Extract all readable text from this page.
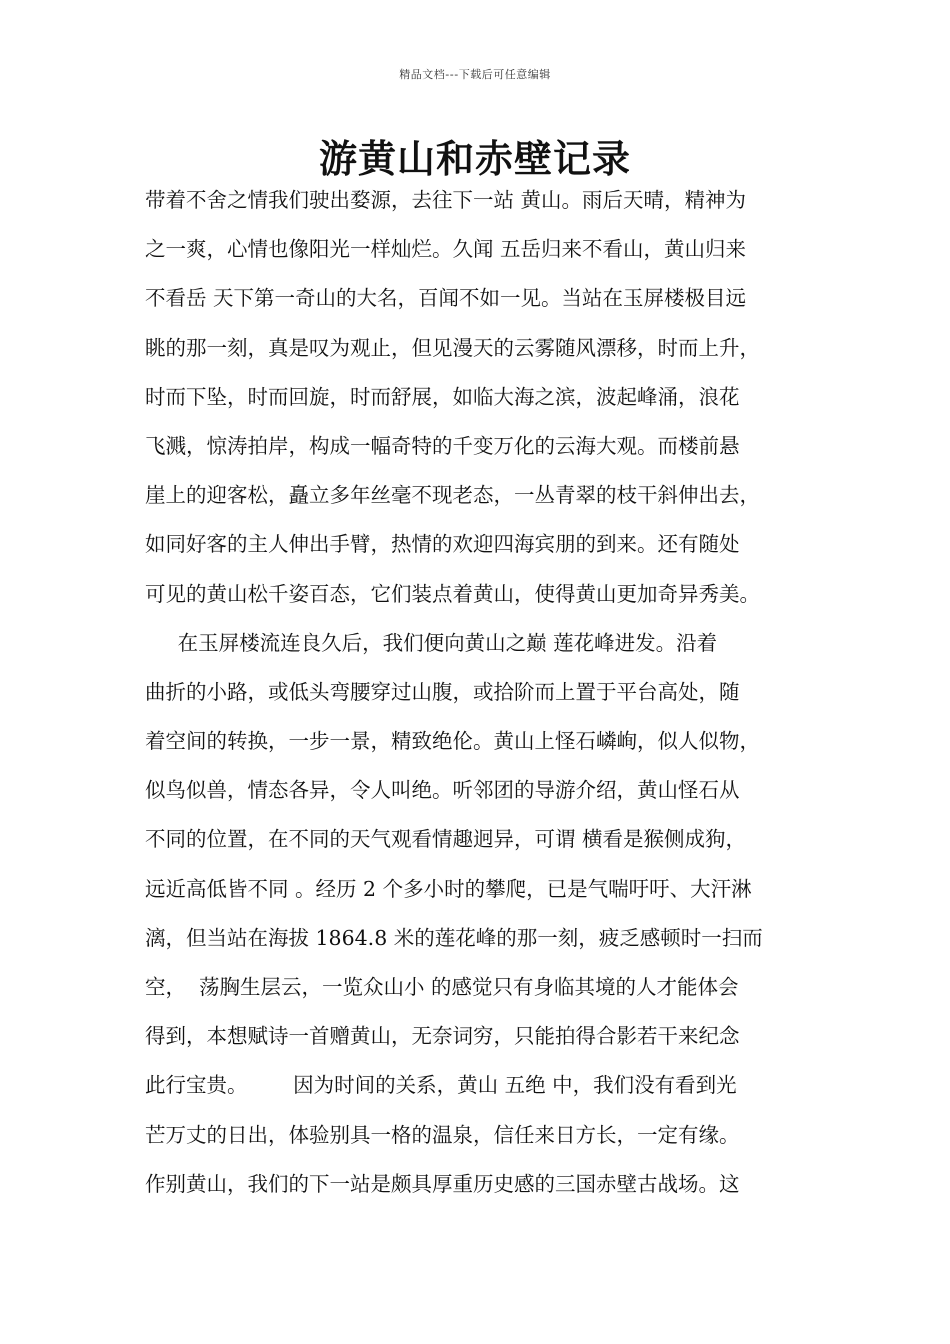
精品文档---下载后可任意编辑
游黄山和赤壁记录
带着不舍之情我们驶出婺源，去往下一站 黄山。雨后天晴，精神为
之一爽，心情也像阳光一样灿烂。久闻 五岳归来不看山，黄山归来
不看岳 天下第一奇山的大名，百闻不如一见。当站在玉屏楼极目远
眺的那一刻，真是叹为观止，但见漫天的云雾随风漂移，时而上升，
时而下坠，时而回旋，时而舒展，如临大海之滨，波起峰涌，浪花
飞溅，惊涛拍岸，构成一幅奇特的千变万化的云海大观。而楼前悬
崖上的迎客松，矗立多年丝毫不现老态，一丛青翠的枝干斜伸出去，
如同好客的主人伸出手臂，热情的欢迎四海宾朋的到来。还有随处
可见的黄山松千姿百态，它们装点着黄山，使得黄山更加奇异秀美。
在玉屏楼流连良久后，我们便向黄山之巅 莲花峰进发。沿着
曲折的小路，或低头弯腰穿过山腹，或拾阶而上置于平台高处，随
着空间的转换，一步一景，精致绝伦。黄山上怪石嶙峋，似人似物，
似鸟似兽，情态各异，令人叫绝。听邻团的导游介绍，黄山怪石从
不同的位置，在不同的天气观看情趣迥异，可谓 横看是猴侧成狗，
远近高低皆不同 。经历 2 个多小时的攀爬，已是气喘吁吁、大汗淋
漓，但当站在海拔 1864.8 米的莲花峰的那一刻，疲乏感顿时一扫而
空，  荡胸生层云，一览众山小 的感觉只有身临其境的人才能体会
得到，本想赋诗一首赠黄山，无奈词穷，只能拍得合影若干来纪念
此行宝贵。       因为时间的关系，黄山 五绝 中，我们没有看到光
芒万丈的日出，体验别具一格的温泉，信任来日方长，一定有缘。
作别黄山，我们的下一站是颇具厚重历史感的三国赤壁古战场。这
